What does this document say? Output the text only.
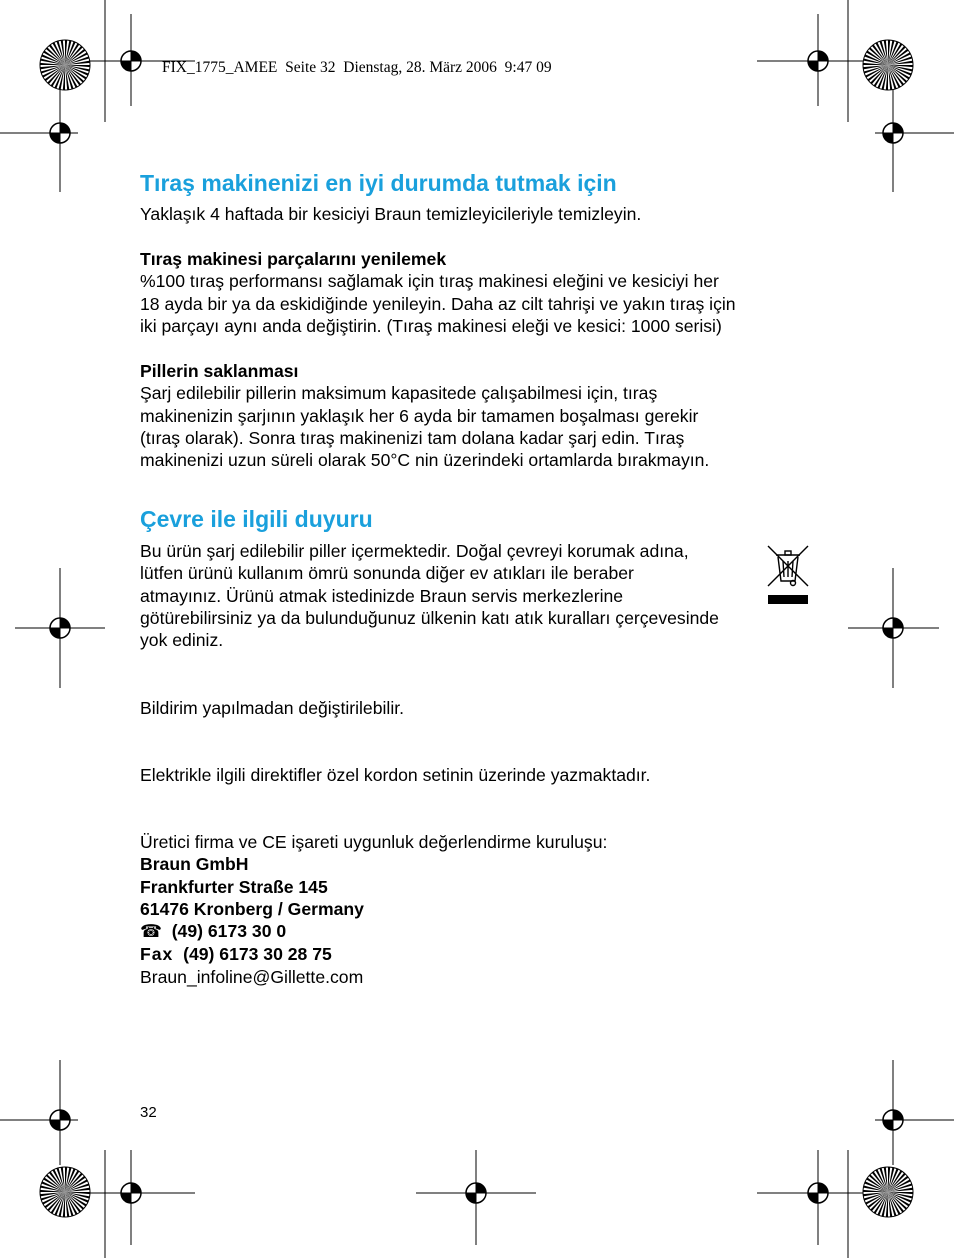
FIX_1775_AMEE  Seite 32  Dienstag, 28. März 2006  9:47 09
Tıraş makinenizi en iyi durumda tutmak için
Yaklaşık 4 haftada bir kesiciyi Braun temizleyicileriyle temizleyin.
Tıraş makinesi parçalarını yenilemek
%100 tıraş performansı sağlamak için tıraş makinesi eleğini ve kesiciyi her
18 ayda bir ya da eskidiğinde yenileyin. Daha az cilt tahrişi ve yakın tıraş için
iki parçayı aynı anda değiştirin. (Tıraş makinesi eleği ve kesici: 1000 serisi)
Pillerin saklanması
Şarj edilebilir pillerin maksimum kapasitede çalışabilmesi için, tıraş
makinenizin şarjının yaklaşık her 6 ayda bir tamamen boşalması gerekir
(tıraş olarak). Sonra tıraş makinenizi tam dolana kadar şarj edin. Tıraş
makinenizi uzun süreli olarak 50°C nin üzerindeki ortamlarda bırakmayın.
Çevre ile ilgili duyuru
Bu ürün şarj edilebilir piller içermektedir. Doğal çevreyi korumak adına,
lütfen ürünü kullanım ömrü sonunda diğer ev atıkları ile beraber
atmayınız. Ürünü atmak istedinizde Braun servis merkezlerine
götürebilirsiniz ya da bulunduğunuz ülkenin katı atık kuralları çerçevesinde
yok ediniz.
Bildirim yapılmadan değiştirilebilir.
Elektrikle ilgili direktifler özel kordon setinin üzerinde yazmaktadır.
Üretici firma ve CE işareti uygunluk değerlendirme kuruluşu:
Braun GmbH
Frankfurter Straße 145
61476 Kronberg / Germany
☎ (49) 6173 30 0
Fax (49) 6173 30 28 75
Braun_infoline@Gillette.com
32
